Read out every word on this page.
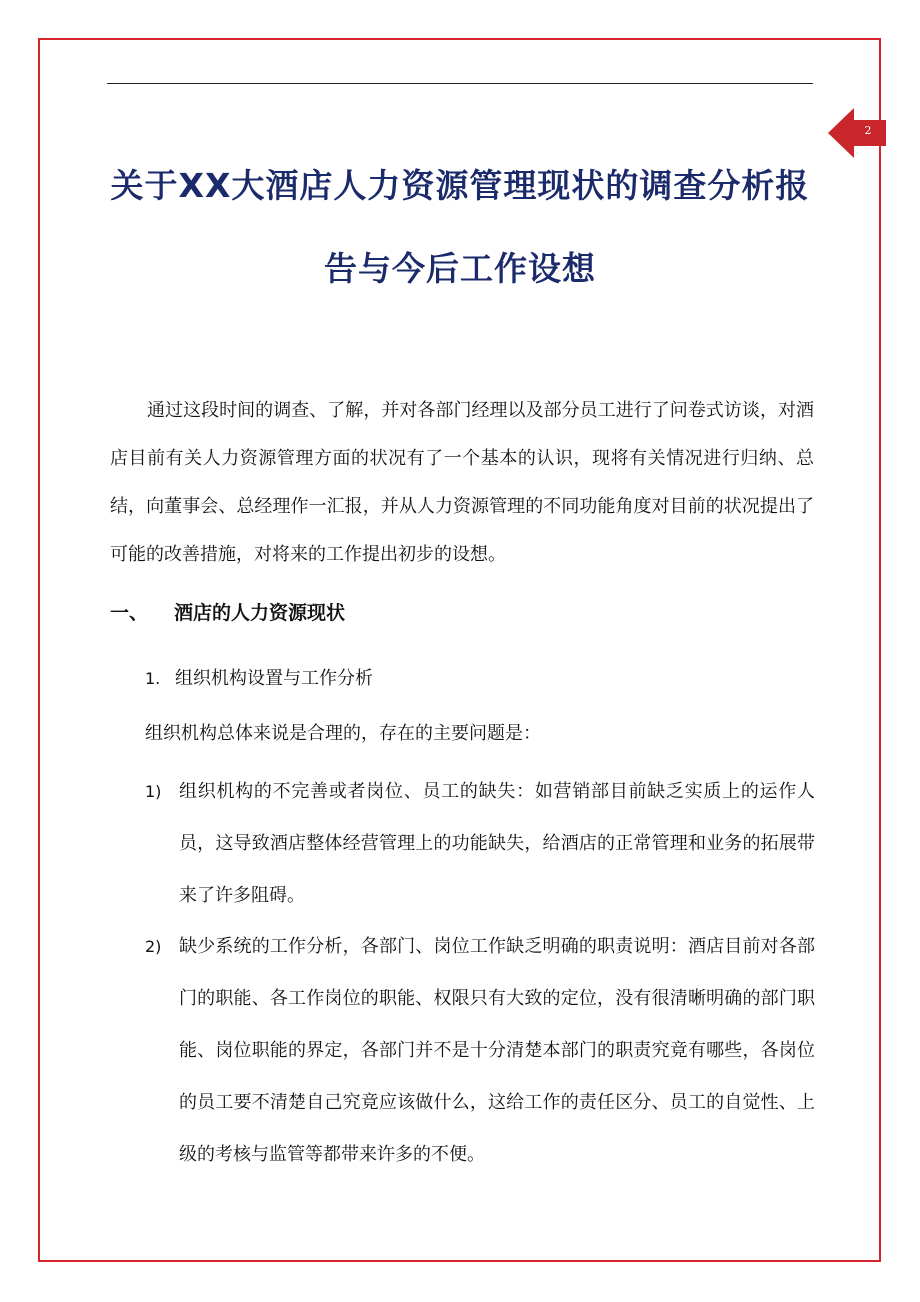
2
关于XX大酒店人力资源管理现状的调查分析报
告与今后工作设想

通过这段时间的调查、了解，并对各部门经理以及部分员工进行了问卷式访谈，对酒店目前有关人力资源管理方面的状况有了一个基本的认识，现将有关情况进行归纳、总结，向董事会、总经理作一汇报，并从人力资源管理的不同功能角度对目前的状况提出了可能的改善措施，对将来的工作提出初步的设想。

一、 酒店的人力资源现状
1. 组织机构设置与工作分析
组织机构总体来说是合理的，存在的主要问题是：
1) 组织机构的不完善或者岗位、员工的缺失：如营销部目前缺乏实质上的运作人员，这导致酒店整体经营管理上的功能缺失，给酒店的正常管理和业务的拓展带来了许多阻碍。
2) 缺少系统的工作分析，各部门、岗位工作缺乏明确的职责说明：酒店目前对各部门的职能、各工作岗位的职能、权限只有大致的定位，没有很清晰明确的部门职能、岗位职能的界定，各部门并不是十分清楚本部门的职责究竟有哪些，各岗位的员工要不清楚自己究竟应该做什么，这给工作的责任区分、员工的自觉性、上级的考核与监管等都带来许多的不便。
